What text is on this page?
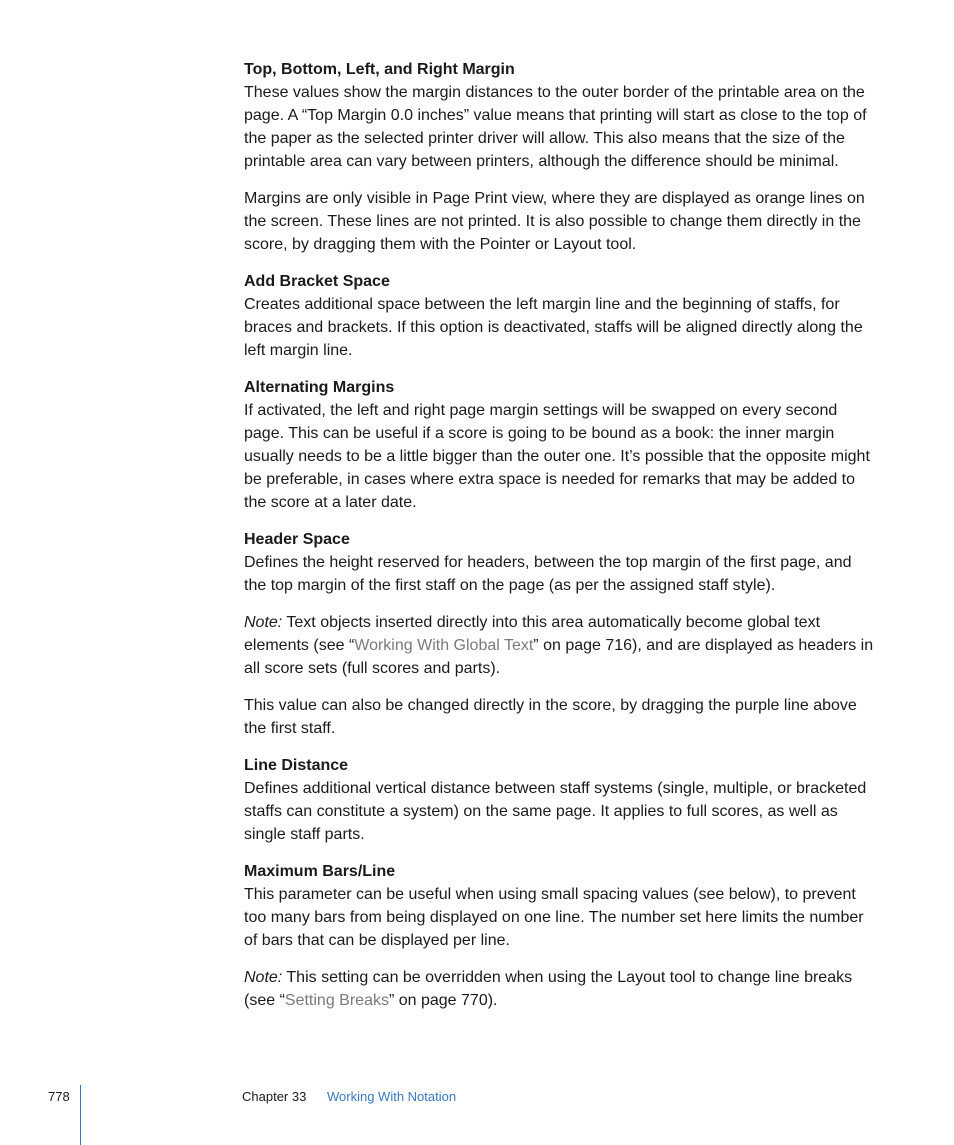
Top, Bottom, Left, and Right Margin

These values show the margin distances to the outer border of the printable area on the page. A “Top Margin 0.0 inches” value means that printing will start as close to the top of the paper as the selected printer driver will allow. This also means that the size of the printable area can vary between printers, although the difference should be minimal.

Margins are only visible in Page Print view, where they are displayed as orange lines on the screen. These lines are not printed. It is also possible to change them directly in the score, by dragging them with the Pointer or Layout tool.

Add Bracket Space

Creates additional space between the left margin line and the beginning of staffs, for braces and brackets. If this option is deactivated, staffs will be aligned directly along the left margin line.

Alternating Margins

If activated, the left and right page margin settings will be swapped on every second page. This can be useful if a score is going to be bound as a book: the inner margin usually needs to be a little bigger than the outer one. It’s possible that the opposite might be preferable, in cases where extra space is needed for remarks that may be added to the score at a later date.

Header Space

Defines the height reserved for headers, between the top margin of the first page, and the top margin of the first staff on the page (as per the assigned staff style).

Note: Text objects inserted directly into this area automatically become global text elements (see “Working With Global Text” on page 716), and are displayed as headers in all score sets (full scores and parts).

This value can also be changed directly in the score, by dragging the purple line above the first staff.

Line Distance

Defines additional vertical distance between staff systems (single, multiple, or bracketed staffs can constitute a system) on the same page. It applies to full scores, as well as single staff parts.

Maximum Bars/Line

This parameter can be useful when using small spacing values (see below), to prevent too many bars from being displayed on one line. The number set here limits the number of bars that can be displayed per line.

Note: This setting can be overridden when using the Layout tool to change line breaks (see “Setting Breaks” on page 770).

778	Chapter 33 Working With Notation
